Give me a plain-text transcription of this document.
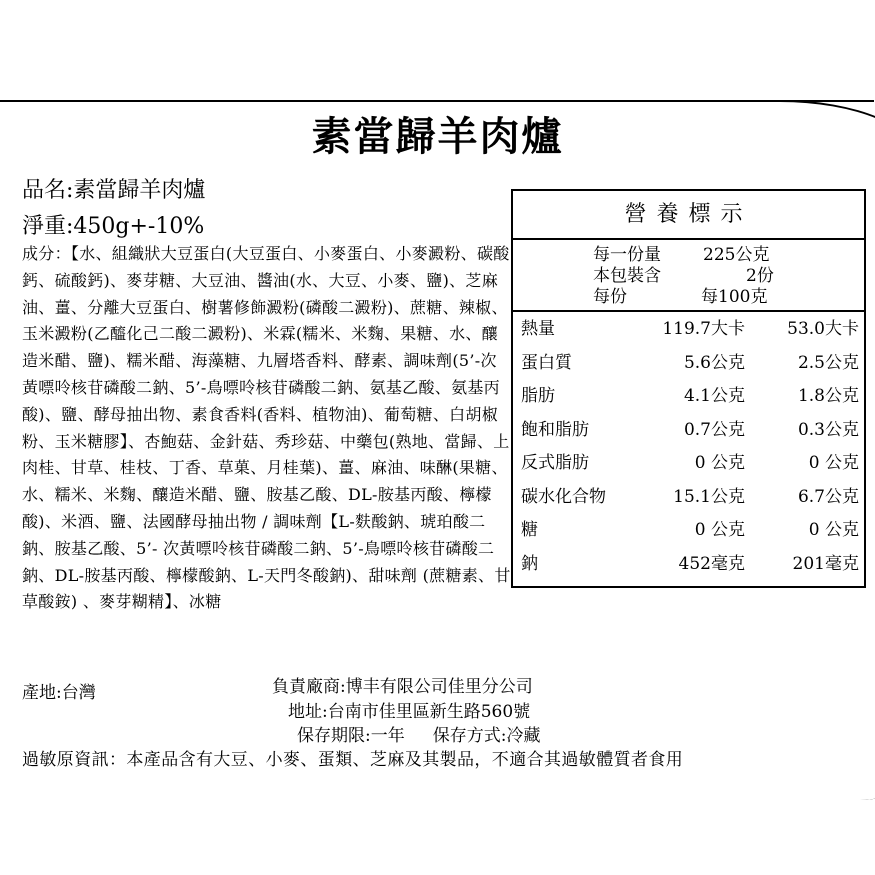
素當歸羊肉爐
品名:素當歸羊肉爐
淨重:450g+-10%
成分：【水、組織狀大豆蛋白(大豆蛋白、小麥蛋白、小麥澱粉、碳酸鈣、硫酸鈣)、麥芽糖、大豆油、醬油(水、大豆、小麥、鹽)、芝麻油、薑、分離大豆蛋白、樹薯修飾澱粉(磷酸二澱粉)、蔗糖、辣椒、玉米澱粉(乙醯化己二酸二澱粉)、米霖(糯米、米麴、果糖、水、釀造米醋、鹽)、糯米醋、海藻糖、九層塔香料、酵素、調味劑(5’-次黃嘌呤核苷磷酸二鈉、5’-鳥嘌呤核苷磷酸二鈉、氨基乙酸、氨基丙酸)、鹽、酵母抽出物、素食香料(香料、植物油)、葡萄糖、白胡椒粉、玉米糖膠】、杏鮑菇、金針菇、秀珍菇、中藥包(熟地、當歸、上肉桂、甘草、桂枝、丁香、草菓、月桂葉)、薑、麻油、味醂(果糖、水、糯米、米麴、釀造米醋、鹽、胺基乙酸、DL-胺基丙酸、檸檬酸)、米酒、鹽、法國酵母抽出物 / 調味劑【L-麩酸鈉、琥珀酸二鈉、胺基乙酸、5’- 次黃嘌呤核苷磷酸二鈉、5’-鳥嘌呤核苷磷酸二鈉、DL-胺基丙酸、檸檬酸鈉、L-天門冬酸鈉)、甜味劑 (蔗糖素、甘草酸銨) 、麥芽糊精】、冰糖
營養標示
每一份量 225公克
本包裝含	2份
每份	每100克
熱量	119.7大卡	53.0大卡
蛋白質	5.6公克	2.5公克
脂肪	4.1公克	1.8公克
飽和脂肪	0.7公克	0.3公克
反式脂肪	0 公克	0 公克
碳水化合物	15.1公克	6.7公克
糖	0 公克	0 公克
鈉	452毫克	201毫克
產地:台灣	負責廠商:博丰有限公司佳里分公司
地址:台南市佳里區新生路560號
保存期限:一年 保存方式:冷藏
過敏原資訊：本產品含有大豆、小麥、蛋類、芝麻及其製品，不適合其過敏體質者食用
